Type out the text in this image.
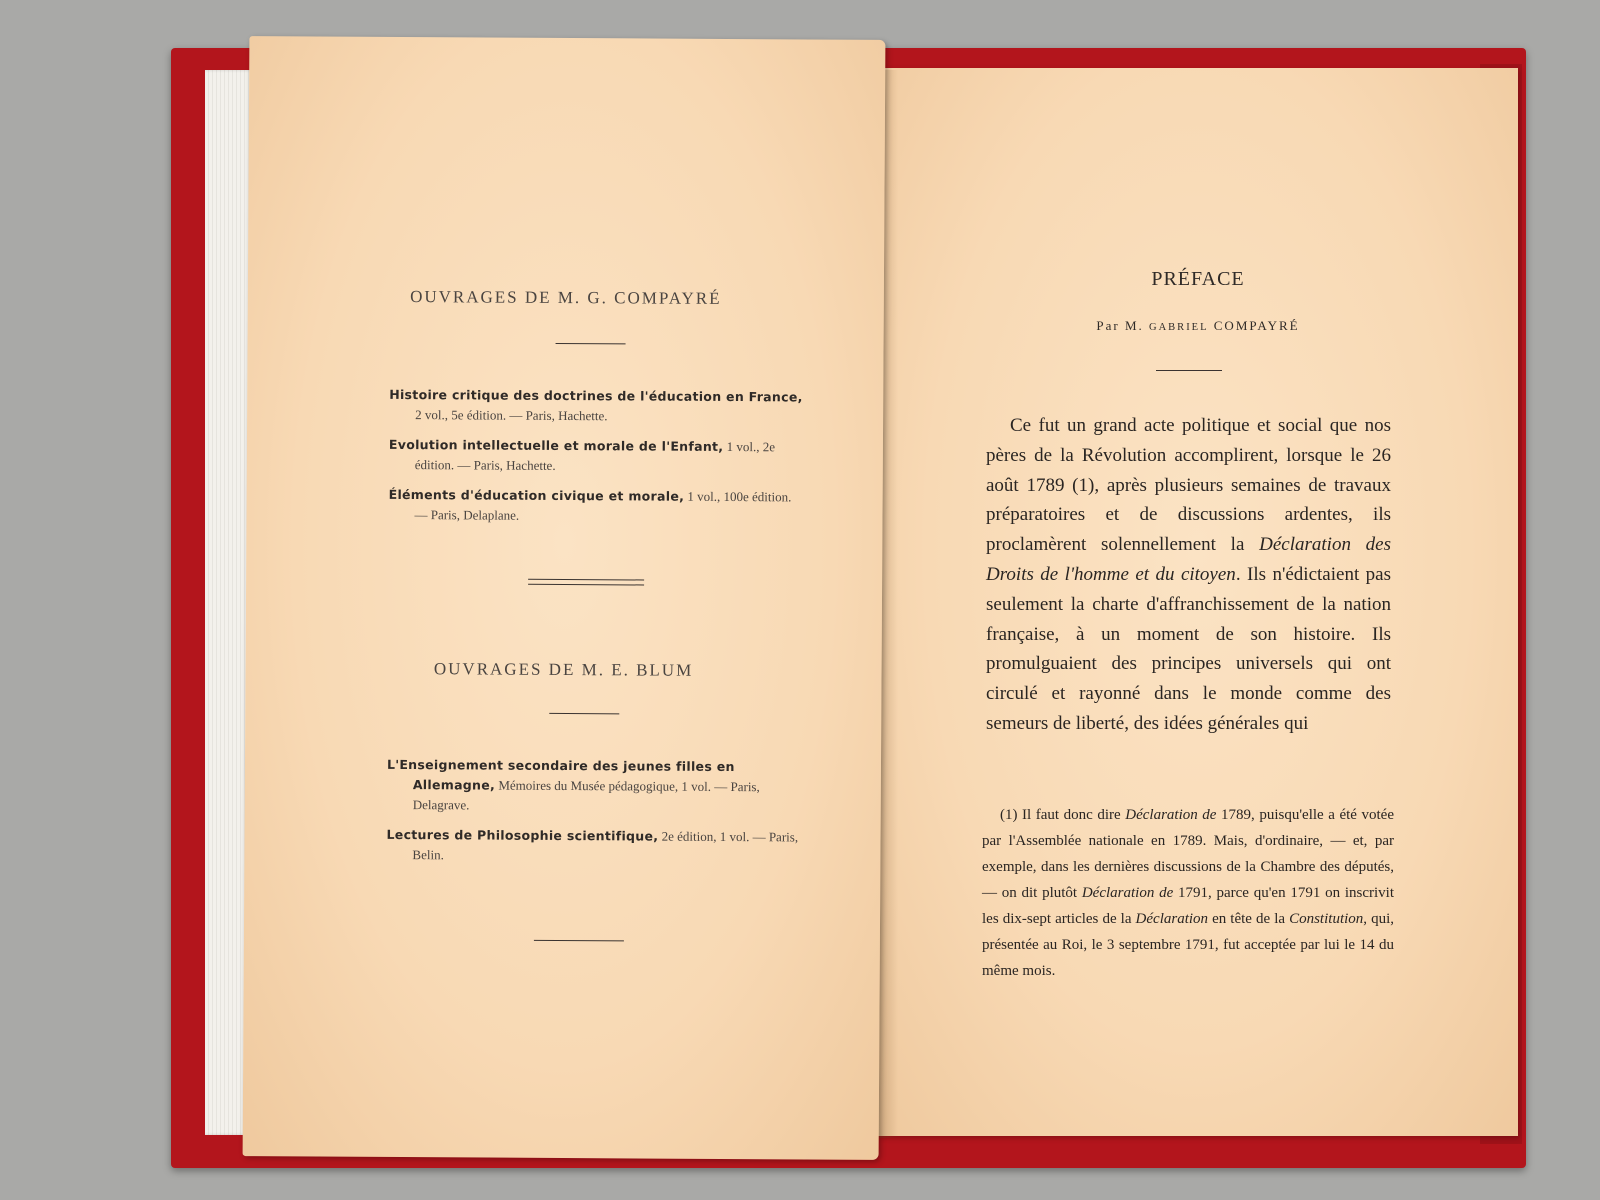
PRÉFACE
Par M. GABRIEL COMPAYRÉ

Ce fut un grand acte politique et social que nos pères de la Révolution accomplirent, lorsque le 26 août 1789 (1), après plusieurs semaines de travaux préparatoires et de discussions ardentes, ils proclamèrent solennellement la Déclaration des Droits de l'homme et du citoyen. Ils n'édictaient pas seulement la charte d'affranchissement de la nation française, à un moment de son histoire. Ils promulguaient des principes universels qui ont circulé et rayonné dans le monde comme des semeurs de liberté, des idées générales qui

(1) Il faut donc dire Déclaration de 1789, puisqu'elle a été votée par l'Assemblée nationale en 1789. Mais, d'ordinaire, — et, par exemple, dans les dernières discussions de la Chambre des députés, — on dit plutôt Déclaration de 1791, parce qu'en 1791 on inscrivit les dix-sept articles de la Déclaration en tête de la Constitution, qui, présentée au Roi, le 3 septembre 1791, fut acceptée par lui le 14 du même mois.

OUVRAGES DE M. G. COMPAYRÉ
Histoire critique des doctrines de l'éducation en France, 2 vol., 5e édition. — Paris, Hachette.
Evolution intellectuelle et morale de l'Enfant, 1 vol., 2e édition. — Paris, Hachette.
Éléments d'éducation civique et morale, 1 vol., 100e édition. — Paris, Delaplane.
OUVRAGES DE M. E. BLUM
L'Enseignement secondaire des jeunes filles en Allemagne, Mémoires du Musée pédagogique, 1 vol. — Paris, Delagrave.
Lectures de Philosophie scientifique, 2e édition, 1 vol. — Paris, Belin.
